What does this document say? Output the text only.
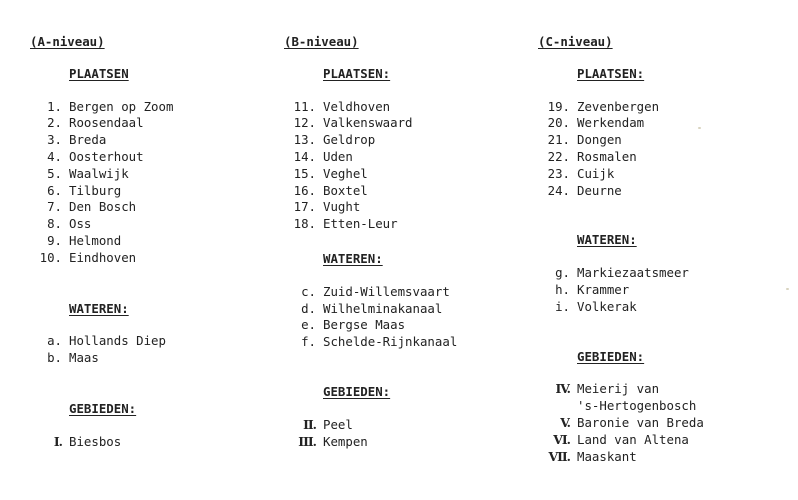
(A-niveau)

PLAATSEN

1. Bergen op Zoom
2. Roosendaal
3. Breda
4. Oosterhout
5. Waalwijk
6. Tilburg
7. Den Bosch
8. Oss
9. Helmond
10. Eindhoven

WATEREN:

a. Hollands Diep
b. Maas

GEBIEDEN:

I. Biesbos

(B-niveau)

PLAATSEN:

11. Veldhoven
12. Valkenswaard
13. Geldrop
14. Uden
15. Veghel
16. Boxtel
17. Vught
18. Etten-Leur

WATEREN:

c. Zuid-Willemsvaart
d. Wilhelminakanaal
e. Bergse Maas
f. Schelde-Rijnkanaal

GEBIEDEN:

II. Peel
III. Kempen

(C-niveau)

PLAATSEN:

19. Zevenbergen
20. Werkendam
21. Dongen
22. Rosmalen
23. Cuijk
24. Deurne

WATEREN:

g. Markiezaatsmeer
h. Krammer
i. Volkerak

GEBIEDEN:

IV. Meierij van
's-Hertogenbosch
V. Baronie van Breda
VI. Land van Altena
VII. Maaskant
